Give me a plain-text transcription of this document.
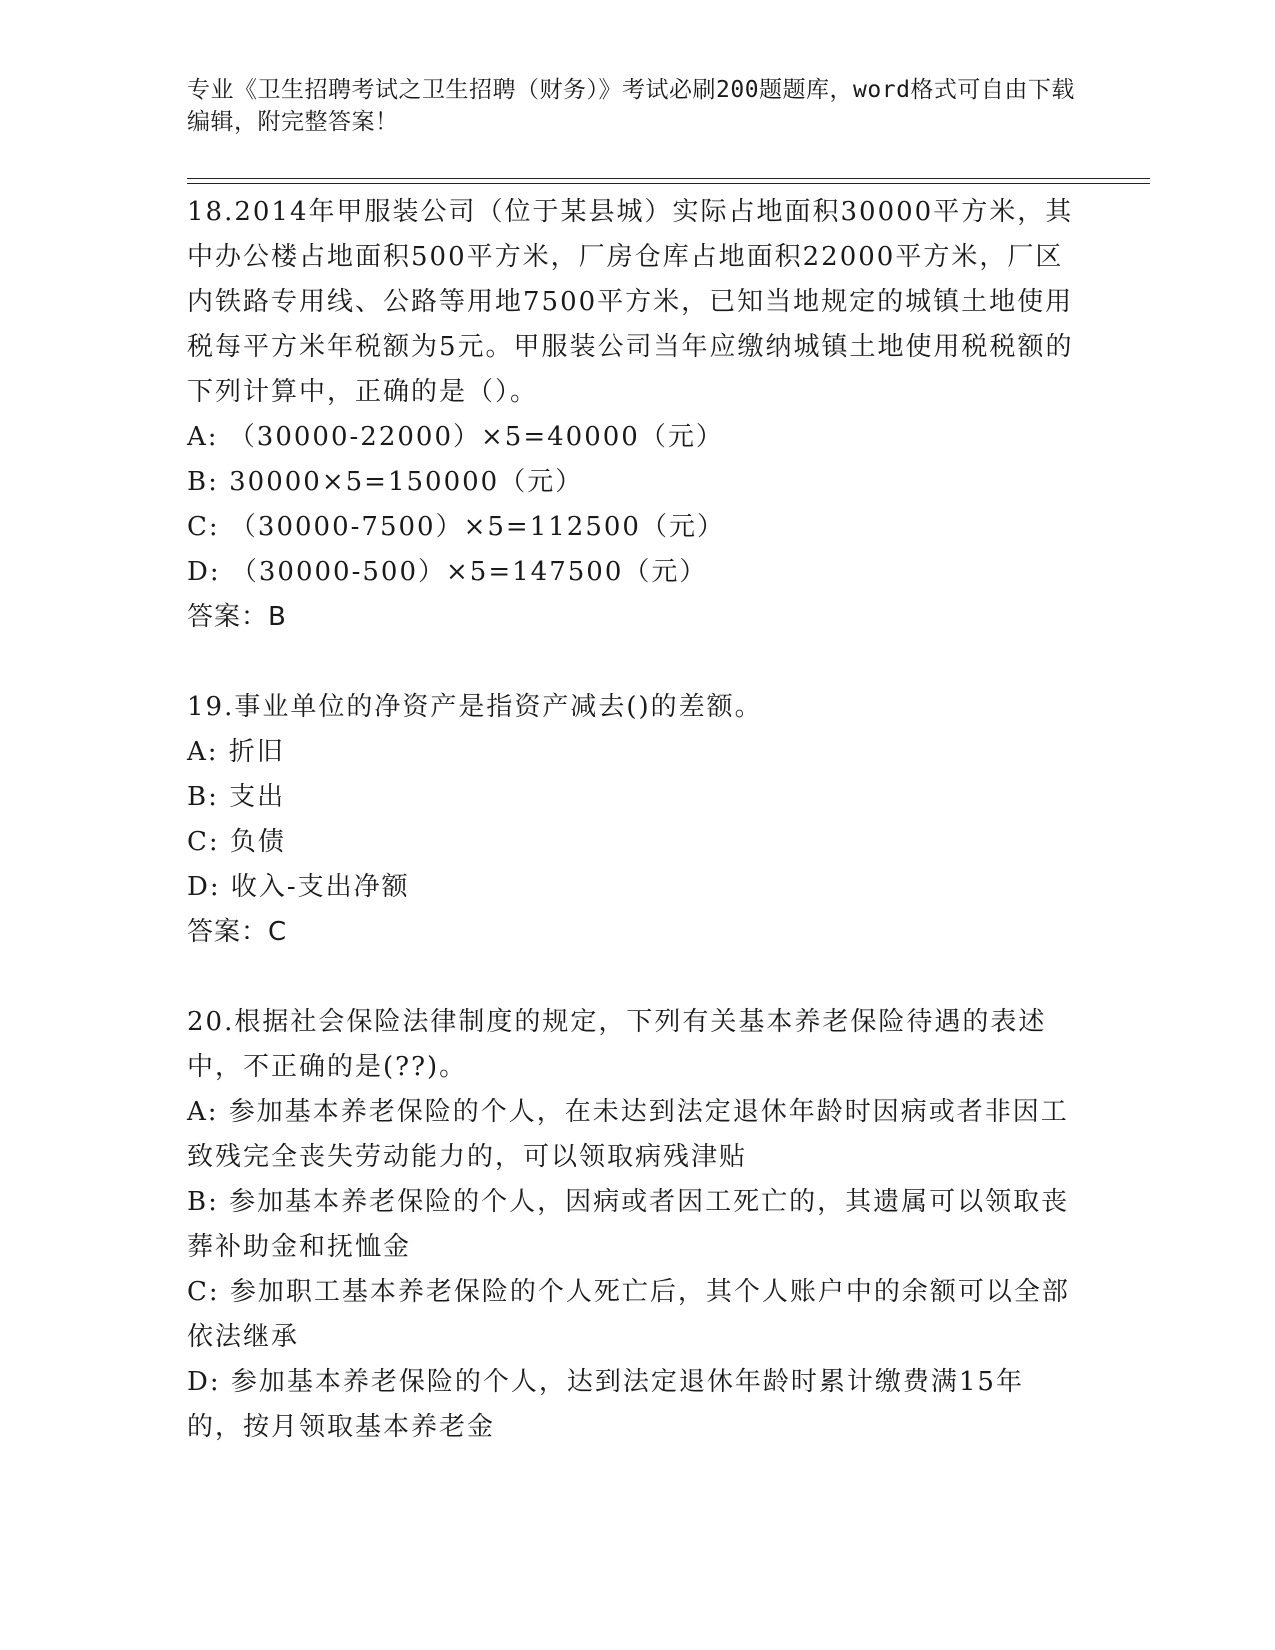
专业《卫生招聘考试之卫生招聘（财务）》考试必刷200题题库，word格式可自由下载编辑，附完整答案！

18.2014年甲服装公司（位于某县城）实际占地面积30000平方米，其中办公楼占地面积500平方米，厂房仓库占地面积22000平方米，厂区内铁路专用线、公路等用地7500平方米，已知当地规定的城镇土地使用税每平方米年税额为5元。甲服装公司当年应缴纳城镇土地使用税税额的下列计算中，正确的是（）。

A: （30000-22000）×5=40000（元）

B: 30000×5=150000（元）

C: （30000-7500）×5=112500（元）

D: （30000-500）×5=147500（元）

答案：B

19.事业单位的净资产是指资产减去()的差额。

A: 折旧

B: 支出

C: 负债

D: 收入-支出净额

答案：C

20.根据社会保险法律制度的规定，下列有关基本养老保险待遇的表述中，不正确的是(??)。

A: 参加基本养老保险的个人，在未达到法定退休年龄时因病或者非因工致残完全丧失劳动能力的，可以领取病残津贴

B: 参加基本养老保险的个人，因病或者因工死亡的，其遗属可以领取丧葬补助金和抚恤金

C: 参加职工基本养老保险的个人死亡后，其个人账户中的余额可以全部依法继承

D: 参加基本养老保险的个人，达到法定退休年龄时累计缴费满15年的，按月领取基本养老金
